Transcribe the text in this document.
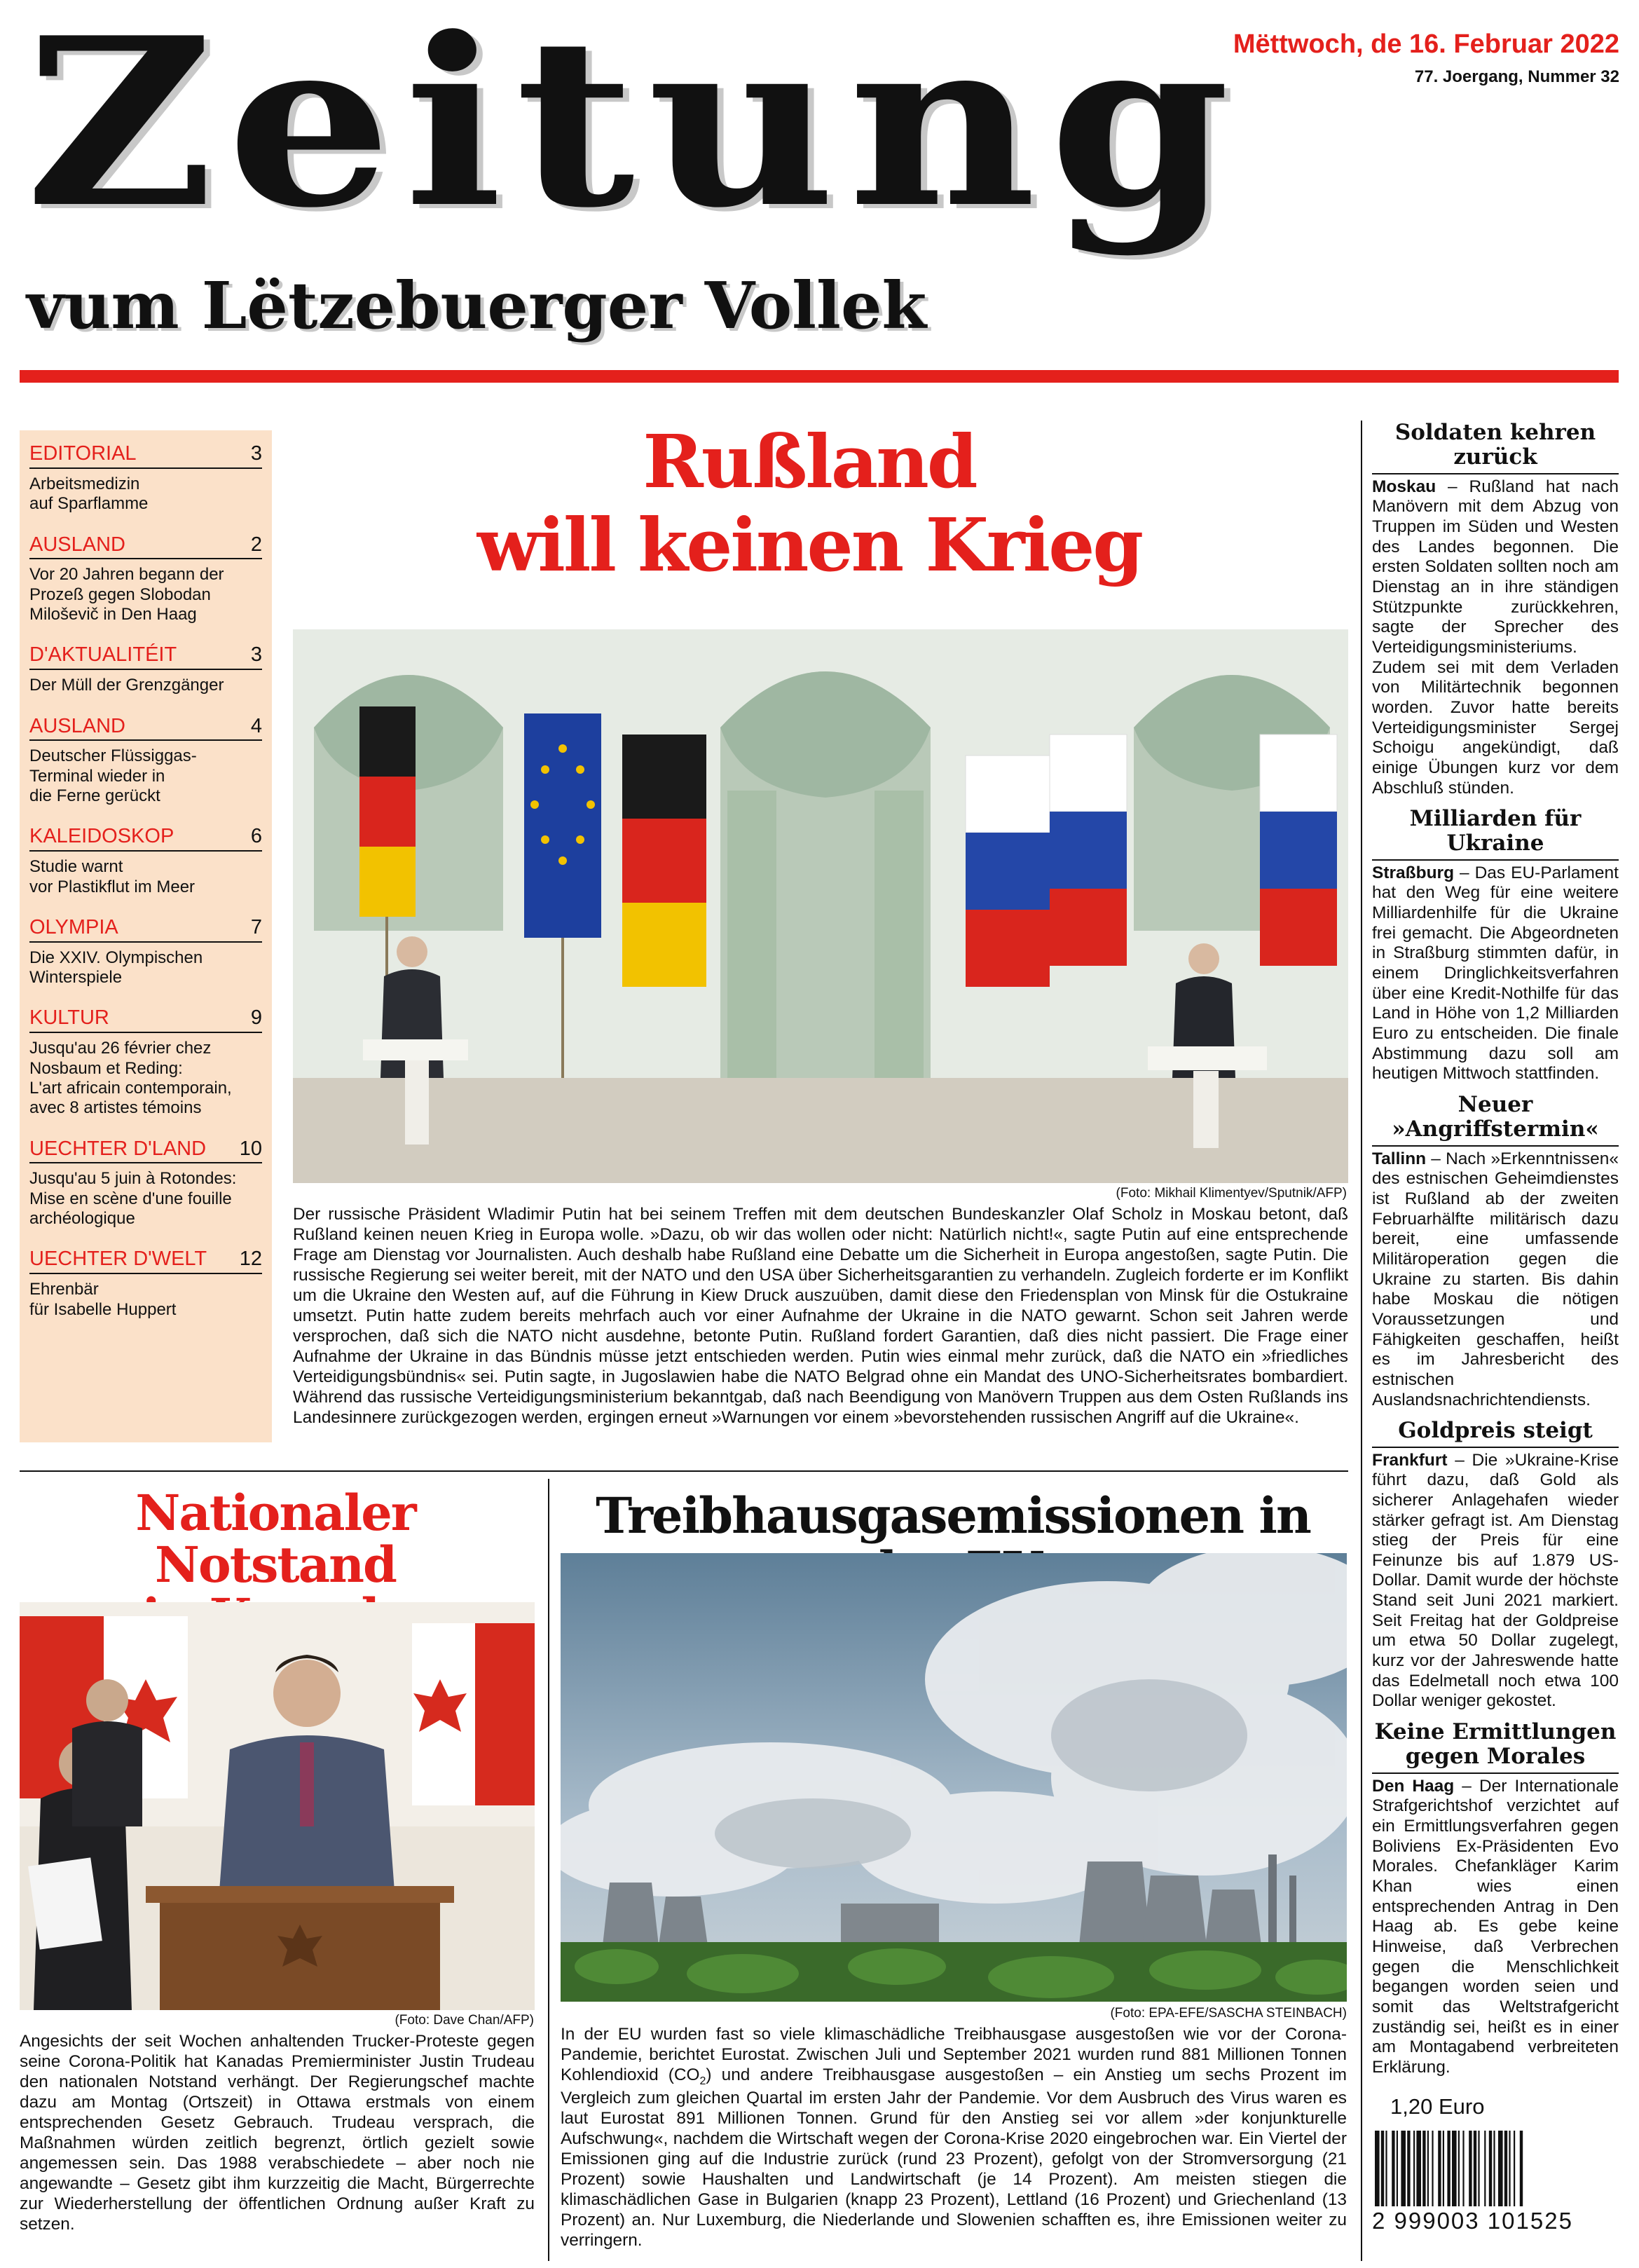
Zeitung
vum Lëtzebuerger Vollek
Mëttwoch, de 16. Februar 2022
77. Joergang, Nummer 32
EDITORIAL	3
Arbeitsmedizin
auf Sparflamme
AUSLAND	2
Vor 20 Jahren begann der
Prozeß gegen Slobodan
Miloševič in Den Haag
D'AKTUALITÉIT	3
Der Müll der Grenzgänger
AUSLAND	4
Deutscher Flüssiggas-
Terminal wieder in
die Ferne gerückt
KALEIDOSKOP	6
Studie warnt
vor Plastikflut im Meer
OLYMPIA	7
Die XXIV. Olympischen
Winterspiele
KULTUR	9
Jusqu'au 26 février chez
Nosbaum et Reding:
L'art africain contemporain,
avec 8 artistes témoins
UECHTER D'LAND 10
Jusqu'au 5 juin à Rotondes:
Mise en scène d'une fouille
archéologique
UECHTER D'WELT 12
Ehrenbär
für Isabelle Huppert
Rußland
will keinen Krieg
(Foto: Mikhail Klimentyev/Sputnik/AFP)
Der russische Präsident Wladimir Putin hat bei seinem Treffen mit dem deutschen Bundeskanzler Olaf Scholz in Moskau betont, daß Rußland keinen neuen Krieg in Europa wolle. »Dazu, ob wir das wollen oder nicht: Natürlich nicht!«, sagte Putin auf eine entsprechende Frage am Dienstag vor Journalisten. Auch deshalb habe Rußland eine Debatte um die Sicherheit in Europa angestoßen, sagte Putin. Die russische Regierung sei weiter bereit, mit der NATO und den USA über Sicherheitsgarantien zu verhandeln. Zugleich forderte er im Konflikt um die Ukraine den Westen auf, auf die Führung in Kiew Druck auszuüben, damit diese den Friedensplan von Minsk für die Ostukraine umsetzt. Putin hatte zudem bereits mehrfach auch vor einer Aufnahme der Ukraine in die NATO gewarnt. Schon seit Jahren werde versprochen, daß sich die NATO nicht ausdehne, betonte Putin. Rußland fordert Garantien, daß dies nicht passiert. Die Frage einer Aufnahme der Ukraine in das Bündnis müsse jetzt entschieden werden. Putin wies einmal mehr zurück, daß die NATO ein »friedliches Verteidigungsbündnis« sei. Putin sagte, in Jugoslawien habe die NATO Belgrad ohne ein Mandat des UNO-Sicherheitsrates bombardiert. Während das russische Verteidigungsministerium bekanntgab, daß nach Beendigung von Manövern Truppen aus dem Osten Rußlands ins Landesinnere zurückgezogen werden, ergingen erneut »Warnungen vor einem »bevorstehenden russischen Angriff auf die Ukraine«.
Soldaten kehren zurück
Moskau – Rußland hat nach Manövern mit dem Abzug von Truppen im Süden und Westen des Landes begonnen. Die ersten Soldaten sollten noch am Dienstag an in ihre ständigen Stützpunkte zurückkehren, sagte der Sprecher des Verteidigungsministeriums. Zudem sei mit dem Verladen von Militärtechnik begonnen worden. Zuvor hatte bereits Verteidigungsminister Sergej Schoigu angekündigt, daß einige Übungen kurz vor dem Abschluß stünden.
Milliarden für Ukraine
Straßburg – Das EU-Parlament hat den Weg für eine weitere Milliardenhilfe für die Ukraine frei gemacht. Die Abgeordneten in Straßburg stimmten dafür, in einem Dringlichkeitsverfahren über eine Kredit-Nothilfe für das Land in Höhe von 1,2 Milliarden Euro zu entscheiden. Die finale Abstimmung dazu soll am heutigen Mittwoch stattfinden.
Neuer »Angriffstermin«
Tallinn – Nach »Erkenntnissen« des estnischen Geheimdienstes ist Rußland ab der zweiten Februarhälfte militärisch dazu bereit, eine umfassende Militäroperation gegen die Ukraine zu starten. Bis dahin habe Moskau die nötigen Voraussetzungen und Fähigkeiten geschaffen, heißt es im Jahresbericht des estnischen Auslandsnachrichtendiensts.
Goldpreis steigt
Frankfurt – Die »Ukraine-Krise führt dazu, daß Gold als sicherer Anlagehafen wieder stärker gefragt ist. Am Dienstag stieg der Preis für eine Feinunze bis auf 1.879 US-Dollar. Damit wurde der höchste Stand seit Juni 2021 markiert. Seit Freitag hat der Goldpreise um etwa 50 Dollar zugelegt, kurz vor der Jahreswende hatte das Edelmetall noch etwa 100 Dollar weniger gekostet.
Keine Ermittlungen gegen Morales
Den Haag – Der Internationale Strafgerichtshof verzichtet auf ein Ermittlungsverfahren gegen Boliviens Ex-Präsidenten Evo Morales. Chefankläger Karim Khan wies einen entsprechenden Antrag in Den Haag ab. Es gebe keine Hinweise, daß Verbrechen gegen die Menschlichkeit begangen worden seien und somit das Weltstrafgericht zuständig sei, heißt es in einer am Montagabend verbreiteten Erklärung.
1,20 Euro
2 999003 101525
Nationaler Notstand
(Foto: Dave Chan/AFP)
Angesichts der seit Wochen anhaltenden Trucker-Proteste gegen seine Corona-Politik hat Kanadas Premierminister Justin Trudeau den nationalen Notstand verhängt. Der Regierungschef machte dazu am Montag (Ortszeit) in Ottawa erstmals von einem entsprechenden Gesetz Gebrauch. Trudeau versprach, die Maßnahmen würden zeitlich begrenzt, örtlich gezielt sowie angemessen sein. Das 1988 verabschiedete – aber noch nie angewandte – Gesetz gibt ihm kurzzeitig die Macht, Bürgerrechte zur Wiederherstellung der öffentlichen Ordnung außer Kraft zu setzen.
Treibhausgasemissionen in
(Foto: EPA-EFE/SASCHA STEINBACH)
In der EU wurden fast so viele klimaschädliche Treibhausgase ausgestoßen wie vor der Corona-Pandemie, berichtet Eurostat. Zwischen Juli und September 2021 wurden rund 881 Millionen Tonnen Kohlendioxid $(CO_2)$ und andere Treibhausgase ausgestoßen – ein Anstieg um sechs Prozent im Vergleich zum gleichen Quartal im ersten Jahr der Pandemie. Vor dem Ausbruch des Virus waren es laut Eurostat 891 Millionen Tonnen. Grund für den Anstieg sei vor allem »der konjunkturelle Aufschwung«, nachdem die Wirtschaft wegen der Corona-Krise 2020 eingebrochen war. Ein Viertel der Emissionen ging auf die Industrie zurück (rund 23 Prozent), gefolgt von der Stromversorgung (21 Prozent) sowie Haushalten und Landwirtschaft (je 14 Prozent). Am meisten stiegen die klimaschädlichen Gase in Bulgarien (knapp 23 Prozent), Lettland (16 Prozent) und Griechenland (13 Prozent) an. Nur Luxemburg, die Niederlande und Slowenien schafften es, ihre Emissionen weiter zu verringern.
